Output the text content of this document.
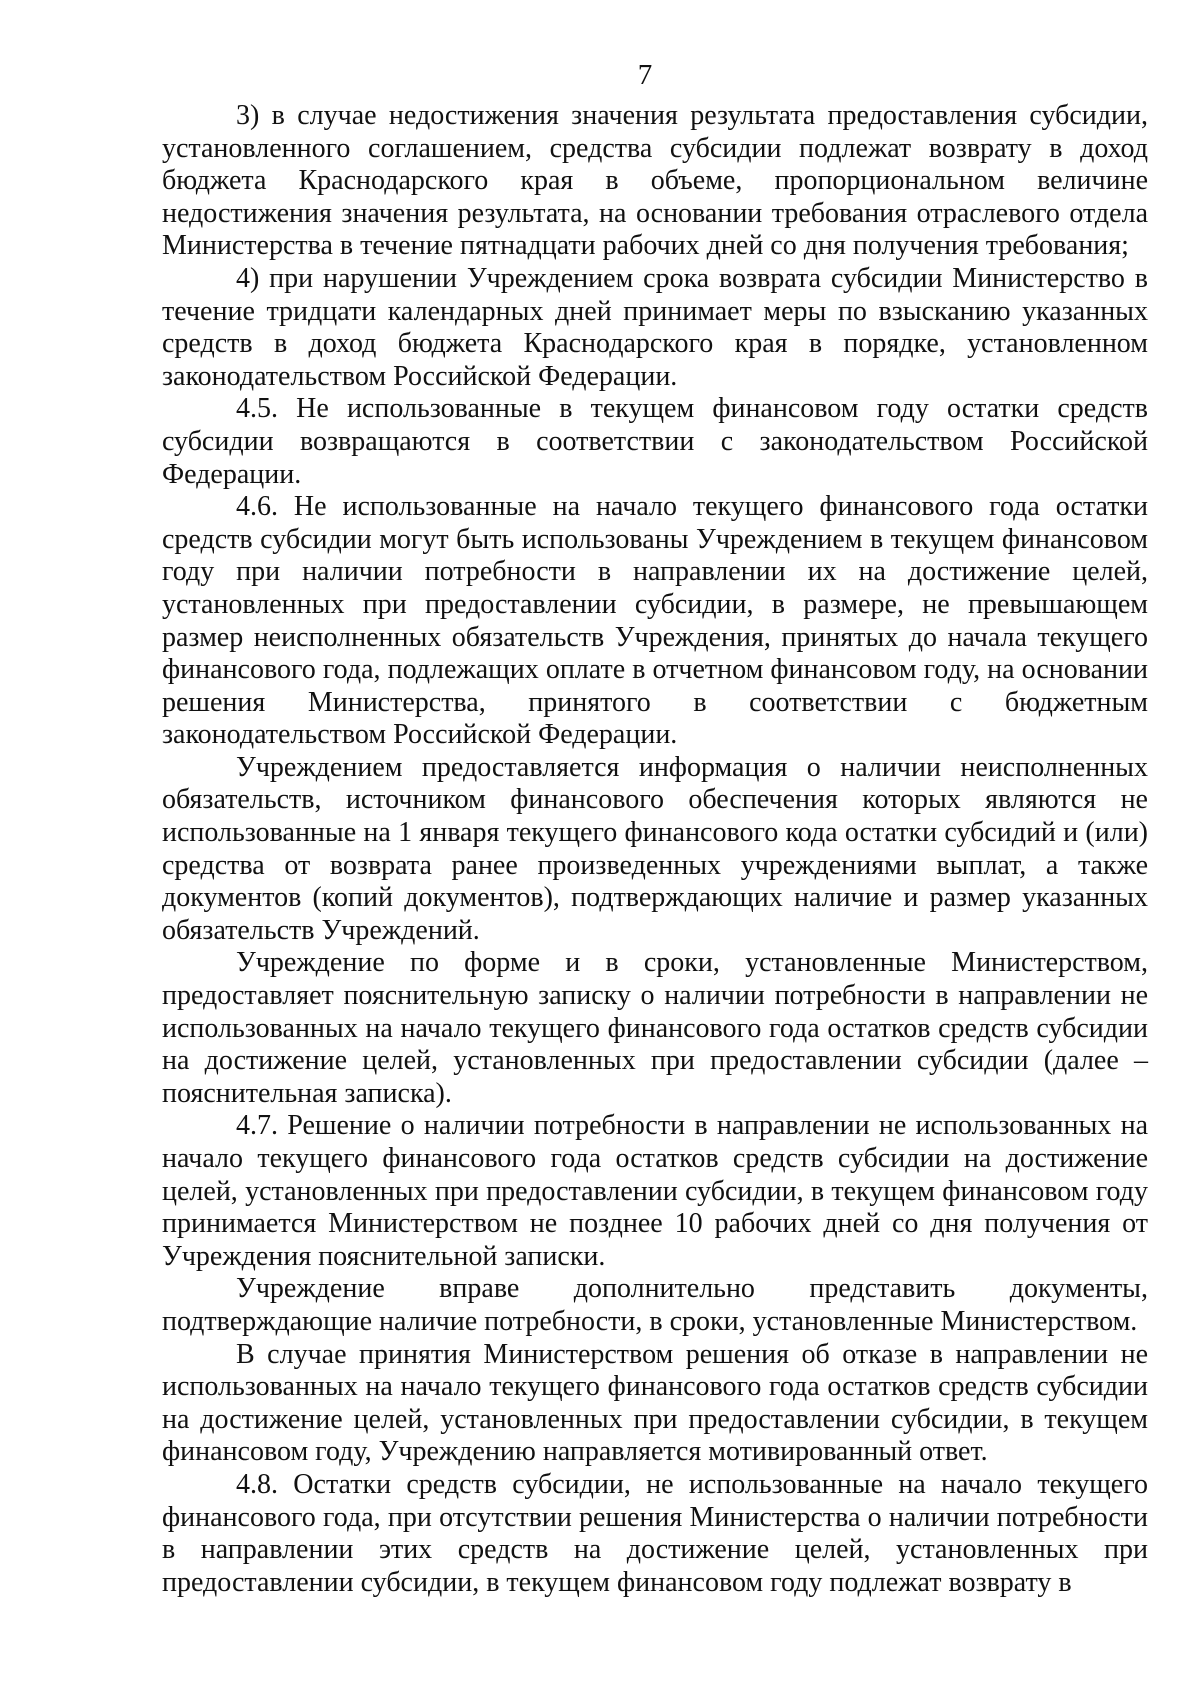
7

3) в случае недостижения значения результата предоставления субсидии, установленного соглашением, средства субсидии подлежат возврату в доход бюджета Краснодарского края в объеме, пропорциональном величине недостижения значения результата, на основании требования отраслевого отдела Министерства в течение пятнадцати рабочих дней со дня получения требования;

4) при нарушении Учреждением срока возврата субсидии Министерство в течение тридцати календарных дней принимает меры по взысканию указанных средств в доход бюджета Краснодарского края в порядке, установленном законодательством Российской Федерации.

4.5. Не использованные в текущем финансовом году остатки средств субсидии возвращаются в соответствии с законодательством Российской Федерации.

4.6. Не использованные на начало текущего финансового года остатки средств субсидии могут быть использованы Учреждением в текущем финансовом году при наличии потребности в направлении их на достижение целей, установленных при предоставлении субсидии, в размере, не превышающем размер неисполненных обязательств Учреждения, принятых до начала текущего финансового года, подлежащих оплате в отчетном финансовом году, на основании решения Министерства, принятого в соответствии с бюджетным законодательством Российской Федерации.

Учреждением предоставляется информация о наличии неисполненных обязательств, источником финансового обеспечения которых являются не использованные на 1 января текущего финансового кода остатки субсидий и (или) средства от возврата ранее произведенных учреждениями выплат, а также документов (копий документов), подтверждающих наличие и размер указанных обязательств Учреждений.

Учреждение по форме и в сроки, установленные Министерством, предоставляет пояснительную записку о наличии потребности в направлении не использованных на начало текущего финансового года остатков средств субсидии на достижение целей, установленных при предоставлении субсидии (далее – пояснительная записка).

4.7. Решение о наличии потребности в направлении не использованных на начало текущего финансового года остатков средств субсидии на достижение целей, установленных при предоставлении субсидии, в текущем финансовом году принимается Министерством не позднее 10 рабочих дней со дня получения от Учреждения пояснительной записки.

Учреждение вправе дополнительно представить документы, подтверждающие наличие потребности, в сроки, установленные Министерством.

В случае принятия Министерством решения об отказе в направлении не использованных на начало текущего финансового года остатков средств субсидии на достижение целей, установленных при предоставлении субсидии, в текущем финансовом году, Учреждению направляется мотивированный ответ.

4.8. Остатки средств субсидии, не использованные на начало текущего финансового года, при отсутствии решения Министерства о наличии потребности в направлении этих средств на достижение целей, установленных при предоставлении субсидии, в текущем финансовом году подлежат возврату в
